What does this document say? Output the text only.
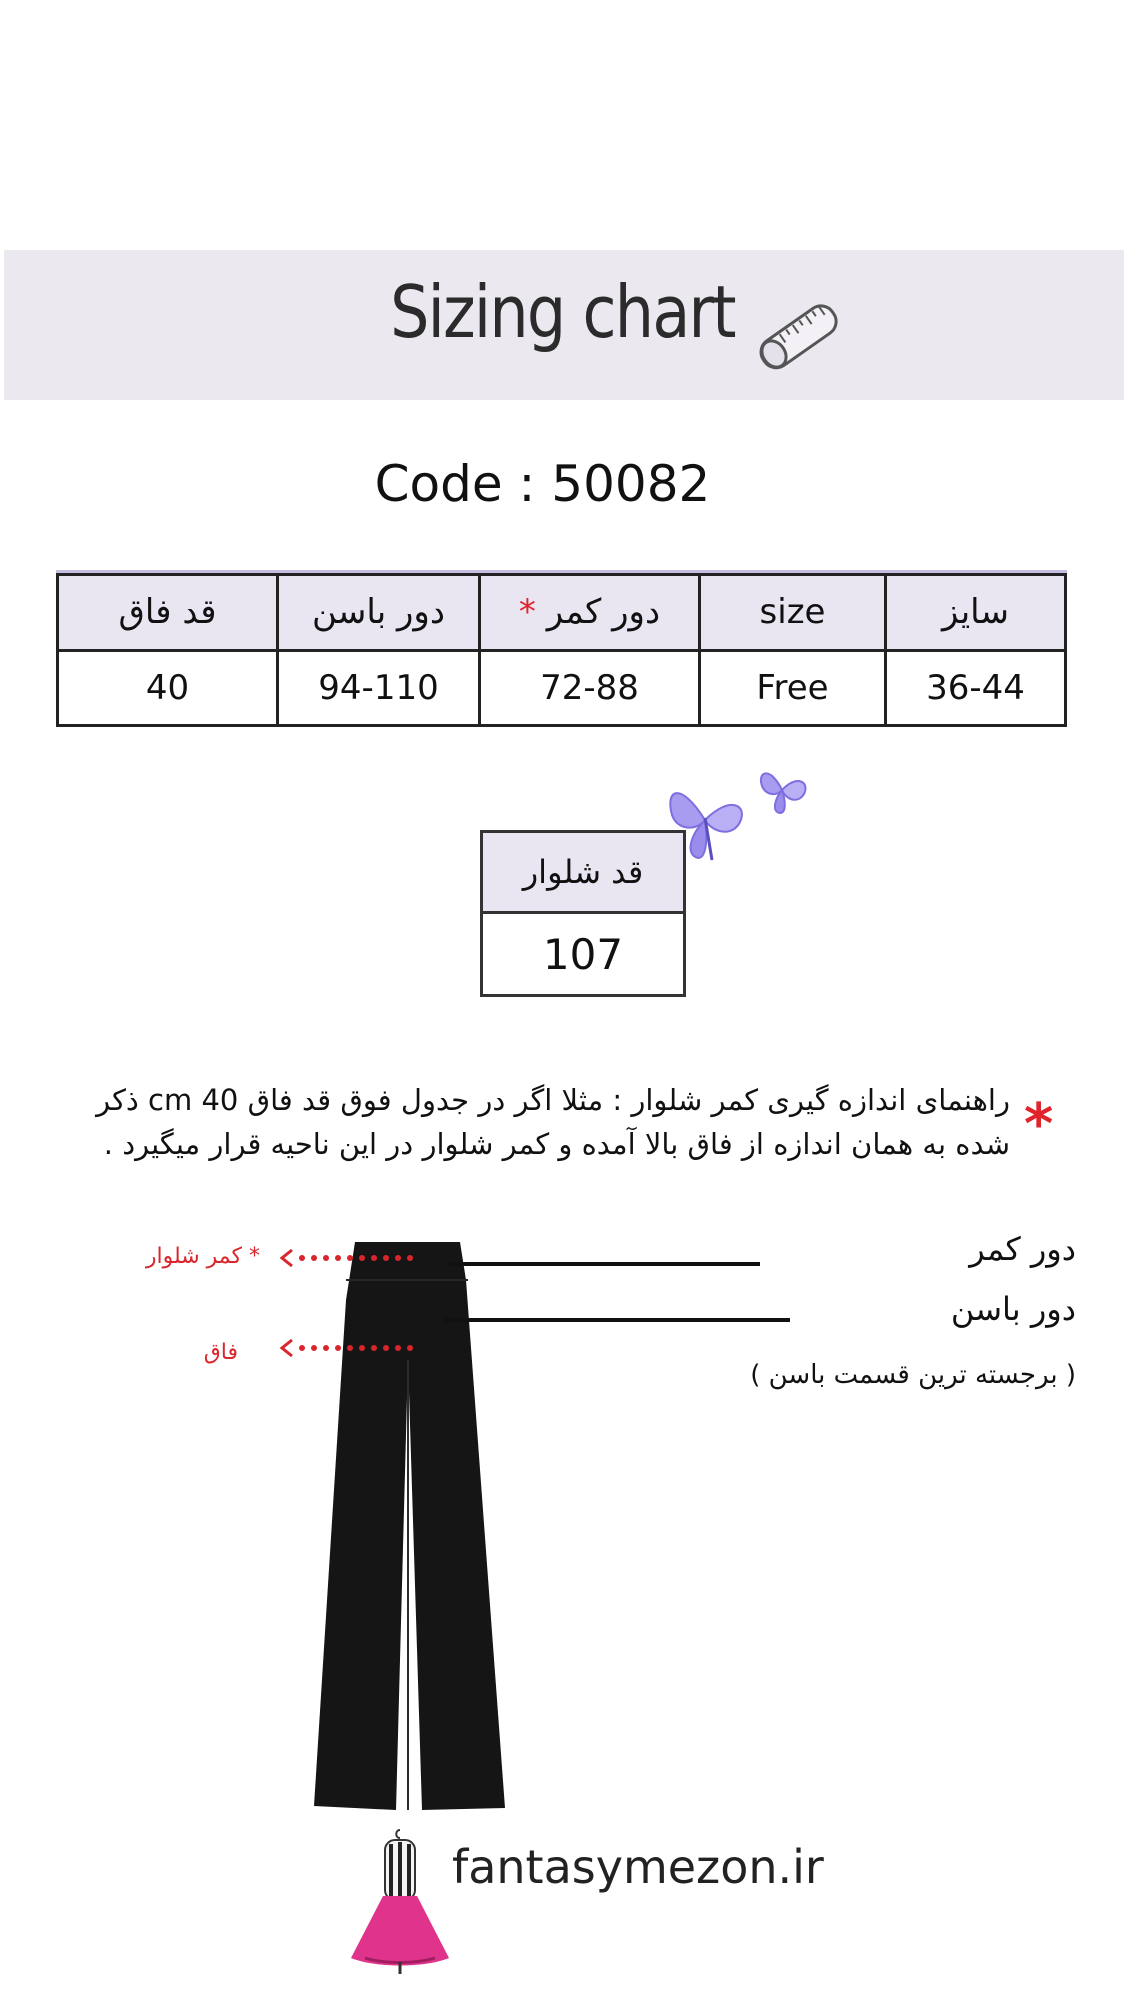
Sizing chart
Code : 50082
قد فاق	دور باسن	* دور کمر	size	سایز
40	94-110	72-88	Free	36-44
قد شلوار
107
*
راهنمای اندازه گیری کمر شلوار : مثلا اگر در جدول فوق قد فاق 40 cm ذکر
شده به همان اندازه از فاق بالا آمده و کمر شلوار در این ناحیه قرار میگیرد .
* کمر شلوار
فاق
دور کمر
دور باسن
( برجسته ترین قسمت باسن )
fantasymezon.ir
